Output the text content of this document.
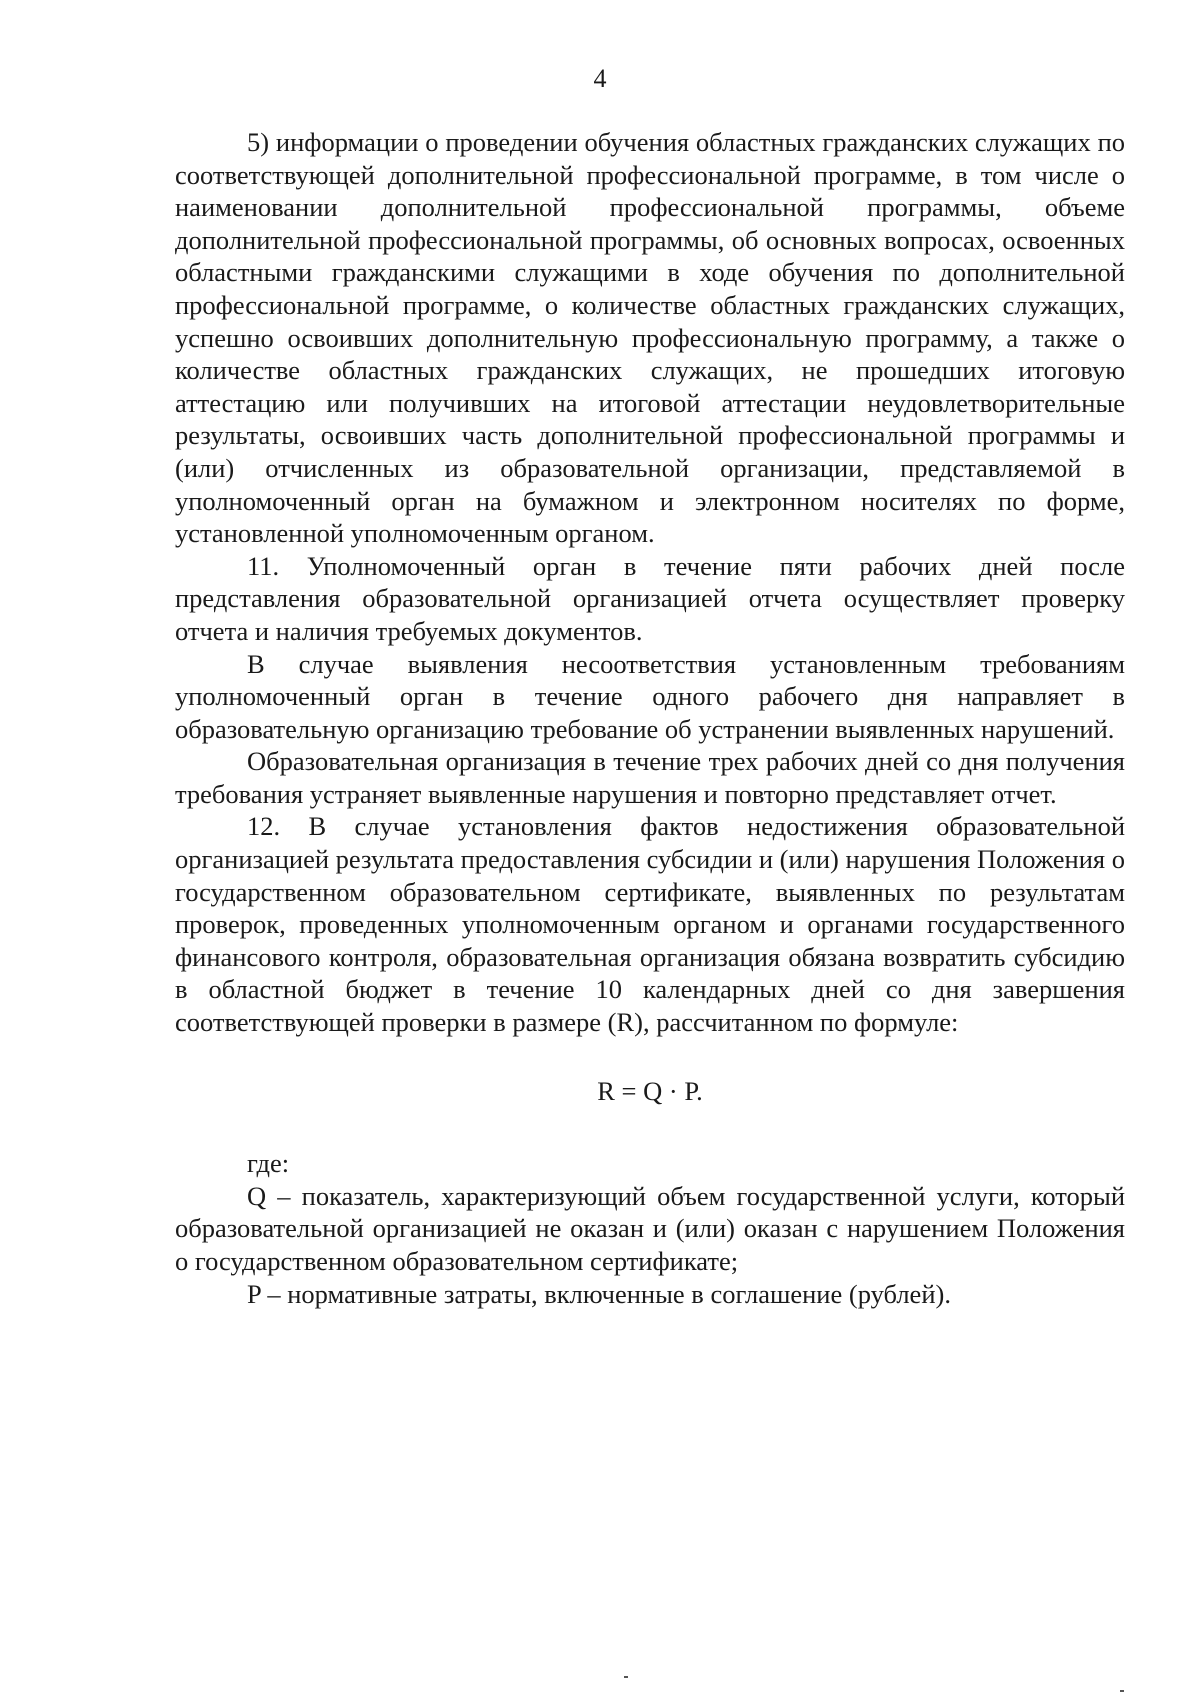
4

5) информации о проведении обучения областных гражданских служащих по соответствующей дополнительной профессиональной программе, в том числе о наименовании дополнительной профессиональной программы, объеме дополнительной профессиональной программы, об основных вопросах, освоенных областными гражданскими служащими в ходе обучения по дополнительной профессиональной программе, о количестве областных гражданских служащих, успешно освоивших дополнительную профессиональную программу, а также о количестве областных гражданских служащих, не прошедших итоговую аттестацию или получивших на итоговой аттестации неудовлетворительные результаты, освоивших часть дополнительной профессиональной программы и (или) отчисленных из образовательной организации, представляемой в уполномоченный орган на бумажном и электронном носителях по форме, установленной уполномоченным органом.

11. Уполномоченный орган в течение пяти рабочих дней после представления образовательной организацией отчета осуществляет проверку отчета и наличия требуемых документов.

В случае выявления несоответствия установленным требованиям уполномоченный орган в течение одного рабочего дня направляет в образовательную организацию требование об устранении выявленных нарушений.

Образовательная организация в течение трех рабочих дней со дня получения требования устраняет выявленные нарушения и повторно представляет отчет.

12. В случае установления фактов недостижения образовательной организацией результата предоставления субсидии и (или) нарушения Положения о государственном образовательном сертификате, выявленных по результатам проверок, проведенных уполномоченным органом и органами государственного финансового контроля, образовательная организация обязана возвратить субсидию в областной бюджет в течение 10 календарных дней со дня завершения соответствующей проверки в размере (R), рассчитанном по формуле:

R = Q · P.

где:

Q – показатель, характеризующий объем государственной услуги, который образовательной организацией не оказан и (или) оказан с нарушением Положения о государственном образовательном сертификате;

P – нормативные затраты, включенные в соглашение (рублей).
